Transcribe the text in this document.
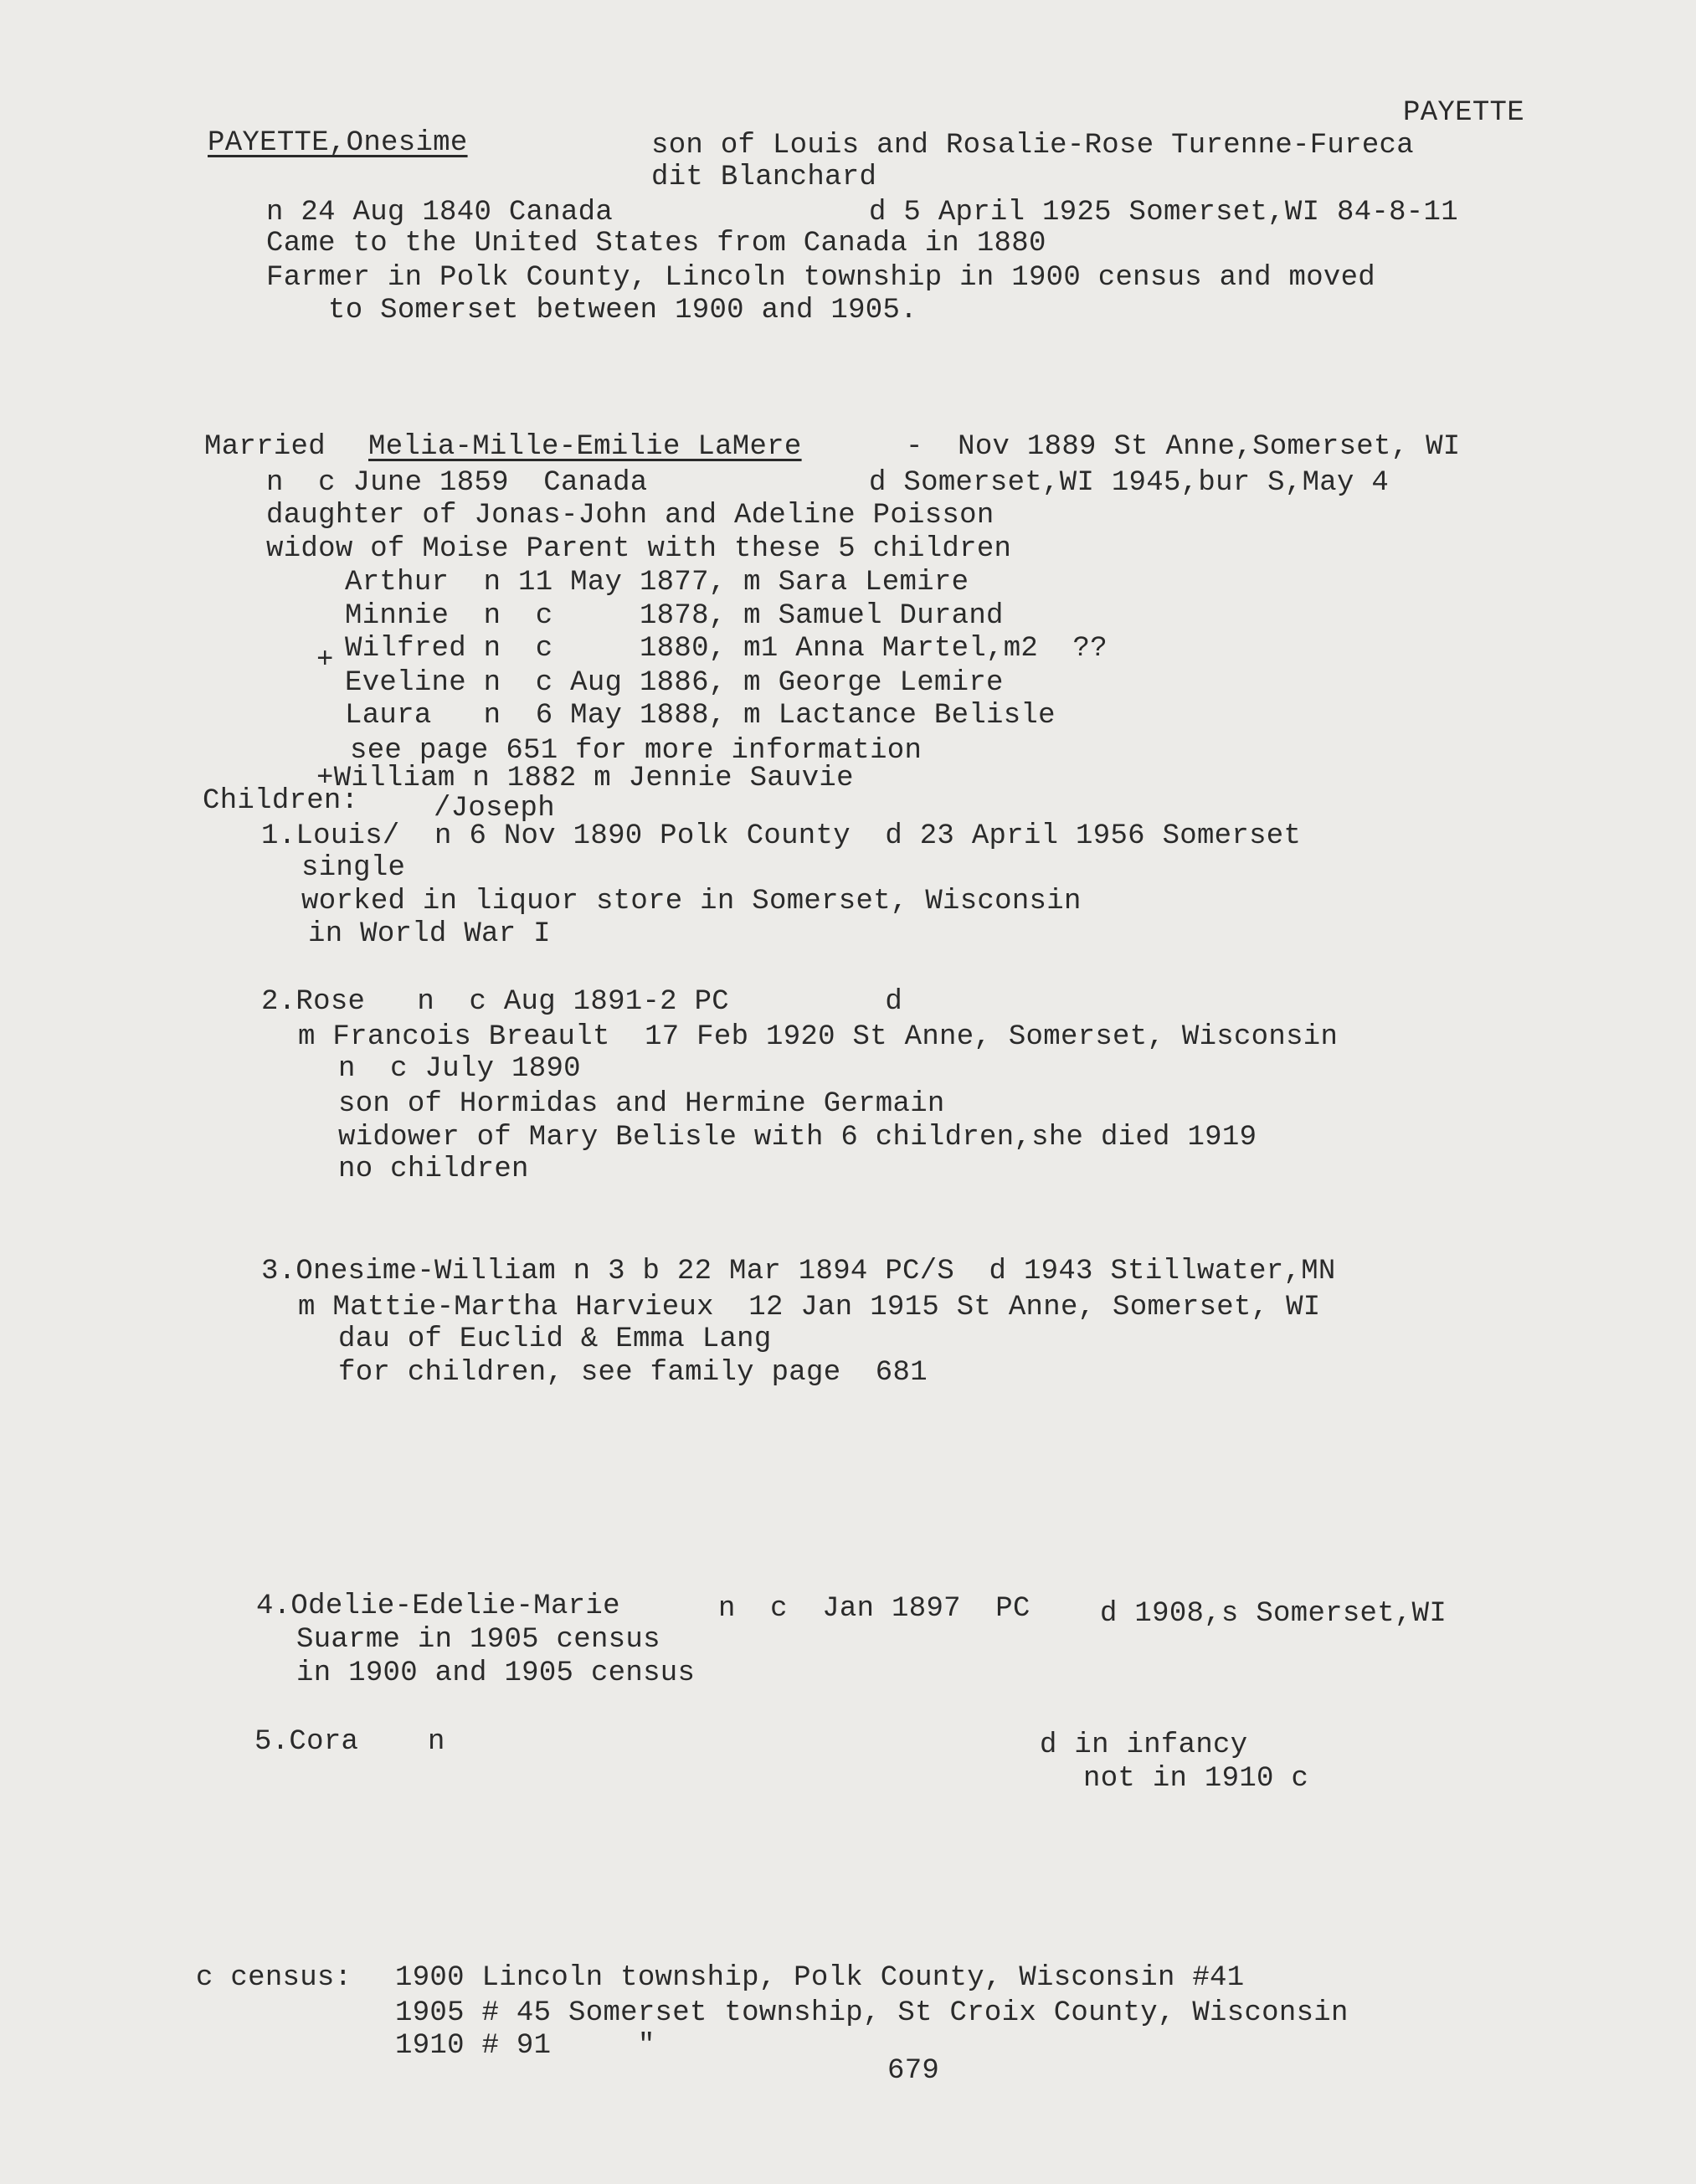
PAYETTE
PAYETTE,Onesime	son of Louis and Rosalie-Rose Turenne-Fureca
dit Blanchard
n 24 Aug 1840 Canada	d 5 April 1925 Somerset,WI 84-8-11
Came to the United States from Canada in 1880
Farmer in Polk County, Lincoln township in 1900 census and moved
to Somerset between 1900 and 1905.
Married Melia-Mille-Emilie LaMere	-  Nov 1889 St Anne,Somerset, WI
n  c June 1859  Canada	d Somerset,WI 1945,bur S,May 4
daughter of Jonas-John and Adeline Poisson
widow of Moise Parent with these 5 children
Arthur  n 11 May 1877, m Sara Lemire
Minnie  n  c     1878, m Samuel Durand
+ Wilfred n  c     1880, m1 Anna Martel,m2  ??
Eveline n  c Aug 1886, m George Lemire
Laura   n  6 May 1888, m Lactance Belisle
see page 651 for more information
+William n 1882 m Jennie Sauvie
Children:	/Joseph
1.Louis/  n 6 Nov 1890 Polk County  d 23 April 1956 Somerset
single
worked in liquor store in Somerset, Wisconsin
in World War I
2.Rose   n  c Aug 1891-2 PC         d
m Francois Breault  17 Feb 1920 St Anne, Somerset, Wisconsin
n  c July 1890
son of Hormidas and Hermine Germain
widower of Mary Belisle with 6 children,she died 1919
no children
3.Onesime-William n 3 b 22 Mar 1894 PC/S  d 1943 Stillwater,MN
m Mattie-Martha Harvieux  12 Jan 1915 St Anne, Somerset, WI
dau of Euclid & Emma Lang
for children, see family page  681
4.Odelie-Edelie-Marie	n  c  Jan 1897  PC d 1908,s Somerset,WI
Suarme in 1905 census
in 1900 and 1905 census
5.Cora    n	d in infancy
not in 1910 c
c census: 1900 Lincoln township, Polk County, Wisconsin #41
1905 # 45 Somerset township, St Croix County, Wisconsin
1910 # 91     "
679
